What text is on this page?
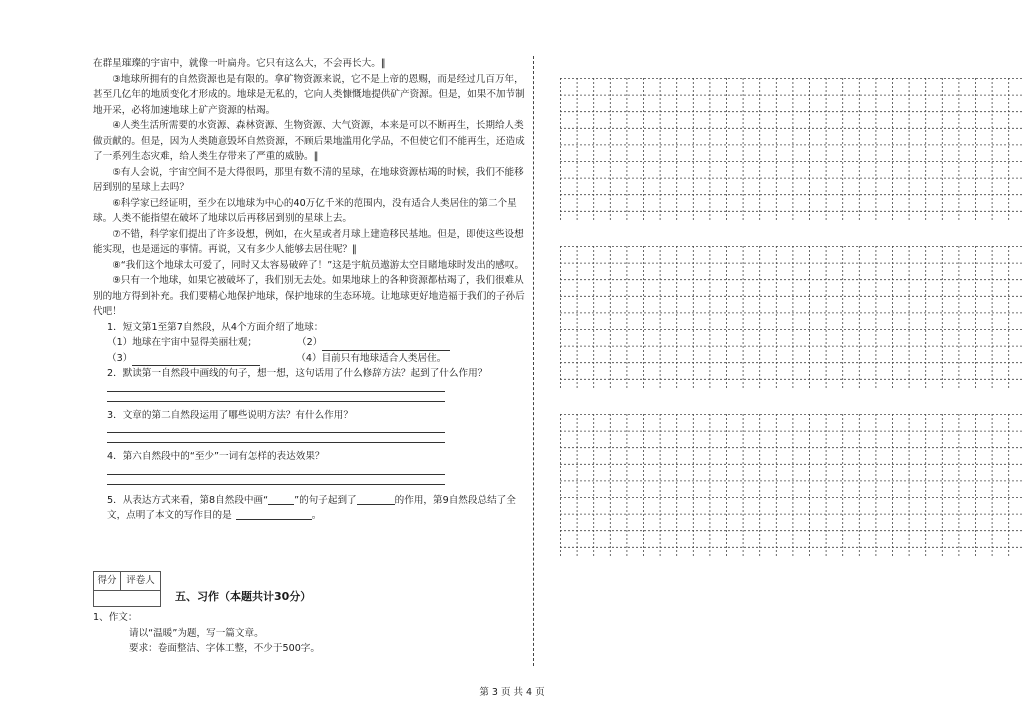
在群星璀璨的宇宙中，就像一叶扁舟。它只有这么大，不会再长大。‖

③地球所拥有的自然资源也是有限的。拿矿物资源来说，它不是上帝的恩赐，而是经过几百万年，甚至几亿年的地质变化才形成的。地球是无私的，它向人类慷慨地提供矿产资源。但是，如果不加节制地开采，必将加速地球上矿产资源的枯竭。

④人类生活所需要的水资源、森林资源、生物资源、大气资源，本来是可以不断再生，长期给人类做贡献的。但是，因为人类随意毁坏自然资源，不顾后果地滥用化学品，不但使它们不能再生，还造成了一系列生态灾难，给人类生存带来了严重的威胁。‖

⑤有人会说，宇宙空间不是大得很吗，那里有数不清的星球，在地球资源枯竭的时候，我们不能移居到别的星球上去吗？

⑥科学家已经证明，至少在以地球为中心的40万亿千米的范围内，没有适合人类居住的第二个星球。人类不能指望在破坏了地球以后再移居到别的星球上去。

⑦不错，科学家们提出了许多设想，例如，在火星或者月球上建造移民基地。但是，即使这些设想能实现，也是遥远的事情。再说，又有多少人能够去居住呢？‖

⑧“我们这个地球太可爱了，同时又太容易破碎了！”这是宇航员遨游太空目睹地球时发出的感叹。

⑨只有一个地球，如果它被破坏了，我们别无去处。如果地球上的各种资源都枯竭了，我们很难从别的地方得到补充。我们要精心地保护地球，保护地球的生态环境。让地球更好地造福于我们的子孙后代吧！

1．短文第1至第7自然段，从4个方面介绍了地球：

（1）地球在宇宙中显得美丽壮观；	（2）
（3）	（4）目前只有地球适合人类居住。

2．默读第一自然段中画线的句子，想一想，这句话用了什么修辞方法？起到了什么作用？

3．文章的第二自然段运用了哪些说明方法？有什么作用？

4．第六自然段中的“至少”一词有怎样的表达效果？

5．从表达方式来看，第8自然段中画“	”的句子起到了	的作用，第9自然段总结了全文，点明了本文的写作目的是	。

得分	评卷人
五、习作（本题共计30分）

1、作文：

请以“温暖”为题，写一篇文章。

要求：卷面整洁、字体工整，不少于500字。

第 3 页 共 4 页
